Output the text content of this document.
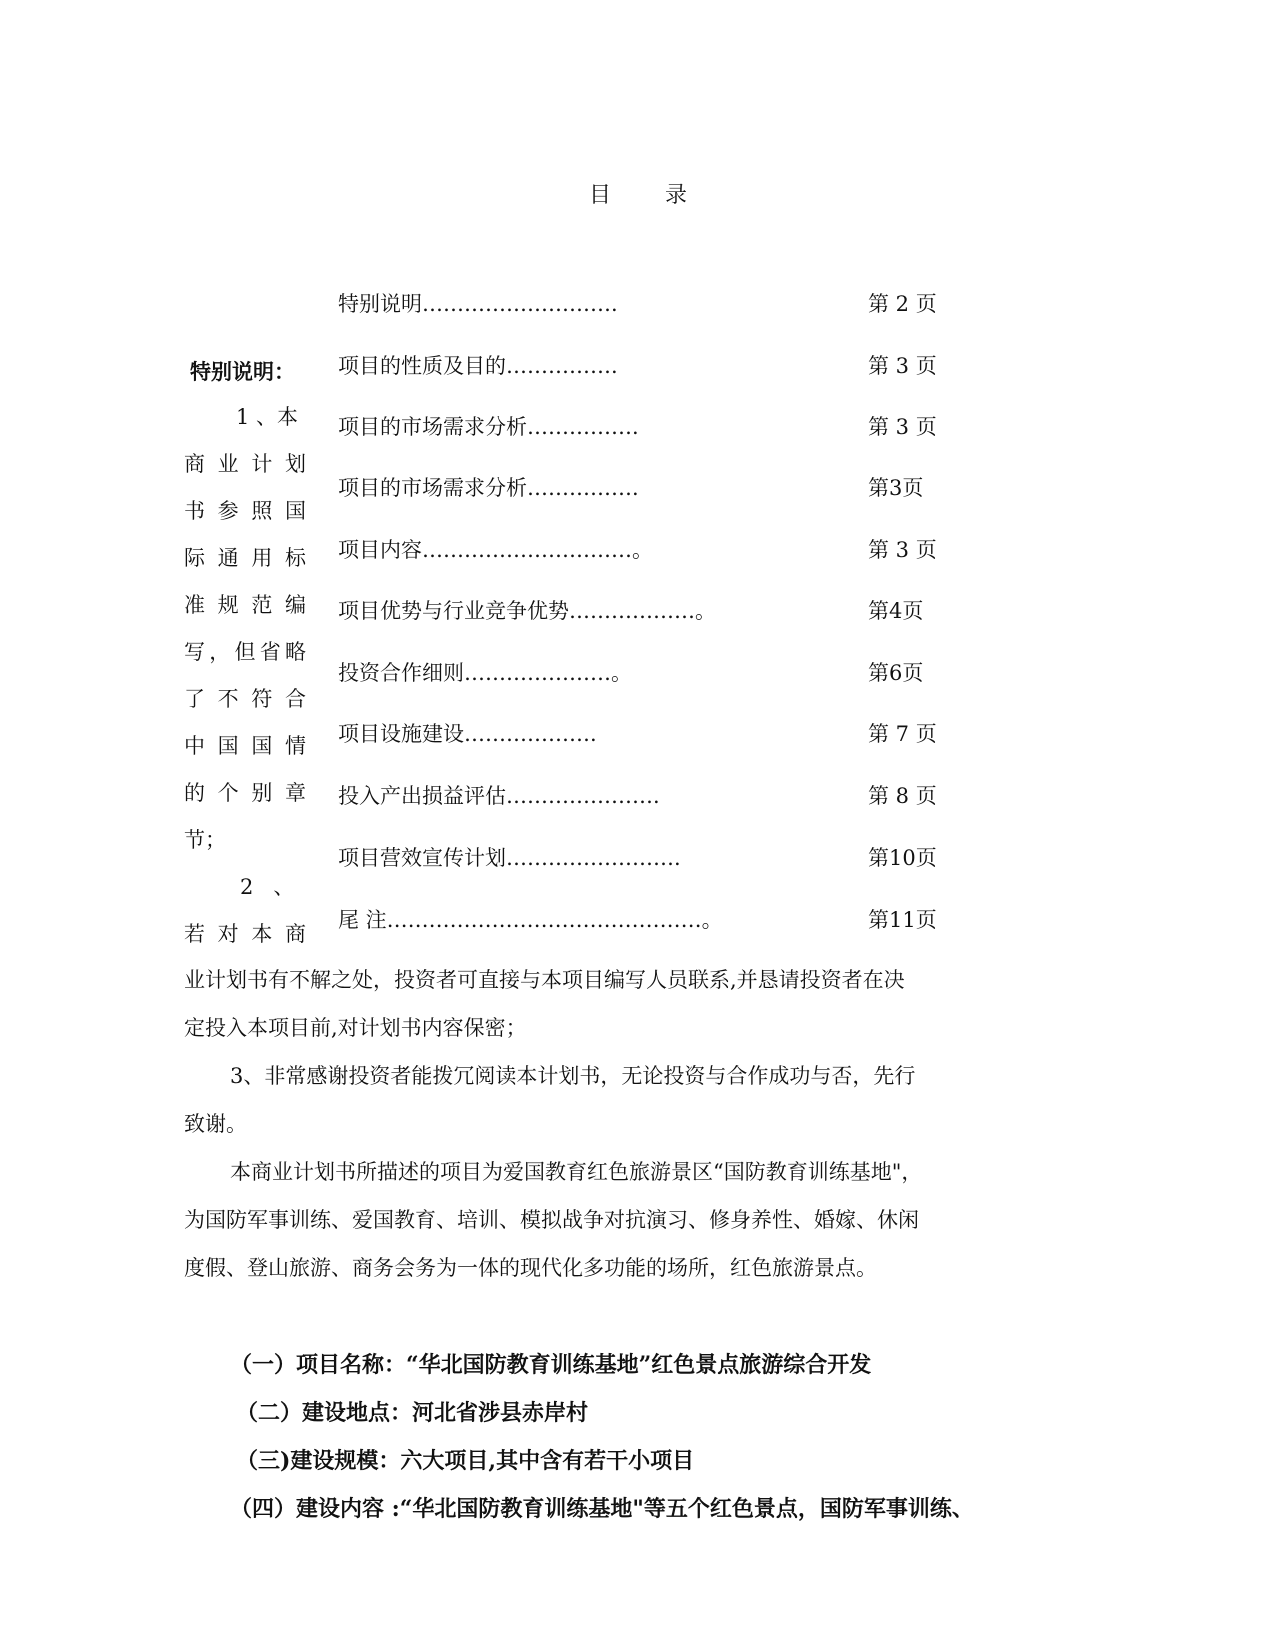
目 录
特别说明……………………….	第 2 页
项目的性质及目的…………….	第 3 页
项目的市场需求分析…………….	第 3 页
项目的市场需求分析…………….	第3页
项目内容…………………………。	第 3 页
项目优势与行业竞争优势………………。	第4页
投资合作细则…………………。	第6页
项目设施建设……………….	第 7 页
投入产出损益评估………………….	第 8 页
项目营效宣传计划…………………….	第10页
尾 注………………………………………。	第11页
特别说明：
1 、本
商 业 计 划
书 参 照 国
际 通 用 标
准 规 范 编
写，但省略
了 不 符 合
中 国 国 情
的 个 别 章
节；
2   、
若 对 本 商
业计划书有不解之处，投资者可直接与本项目编写人员联系,并恳请投资者在决
定投入本项目前,对计划书内容保密；
3、非常感谢投资者能拨冗阅读本计划书，无论投资与合作成功与否，先行
致谢。
本商业计划书所描述的项目为爱国教育红色旅游景区“国防教育训练基地"，
为国防军事训练、爱国教育、培训、模拟战争对抗演习、修身养性、婚嫁、休闲
度假、登山旅游、商务会务为一体的现代化多功能的场所，红色旅游景点。
（一）项目名称：“华北国防教育训练基地”红色景点旅游综合开发
（二）建设地点：河北省涉县赤岸村
（三)建设规模：六大项目,其中含有若干小项目
（四）建设内容 :“华北国防教育训练基地"等五个红色景点，国防军事训练、
